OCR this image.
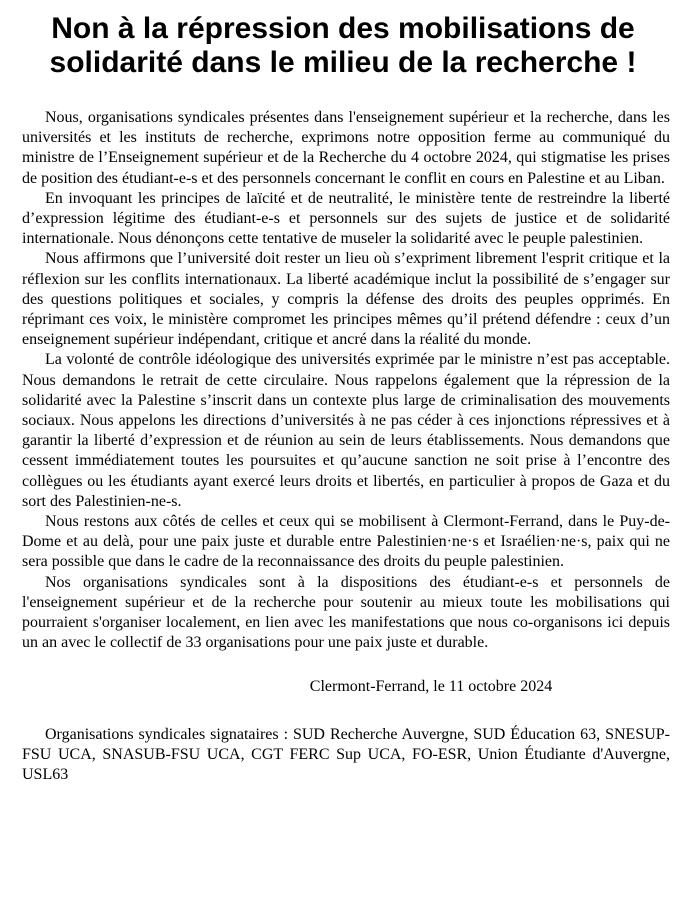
Non à la répression des mobilisations de solidarité dans le milieu de la recherche !

Nous, organisations syndicales présentes dans l'enseignement supérieur et la recherche, dans les universités et les instituts de recherche, exprimons notre opposition ferme au communiqué du ministre de l’Enseignement supérieur et de la Recherche du 4 octobre 2024, qui stigmatise les prises de position des étudiant-e-s et des personnels concernant le conflit en cours en Palestine et au Liban.

En invoquant les principes de laïcité et de neutralité, le ministère tente de restreindre la liberté d’expression légitime des étudiant-e-s et personnels sur des sujets de justice et de solidarité internationale. Nous dénonçons cette tentative de museler la solidarité avec le peuple palestinien.

Nous affirmons que l’université doit rester un lieu où s’expriment librement l'esprit critique et la réflexion sur les conflits internationaux. La liberté académique inclut la possibilité de s’engager sur des questions politiques et sociales, y compris la défense des droits des peuples opprimés. En réprimant ces voix, le ministère compromet les principes mêmes qu’il prétend défendre : ceux d’un enseignement supérieur indépendant, critique et ancré dans la réalité du monde.

La volonté de contrôle idéologique des universités exprimée par le ministre n’est pas acceptable. Nous demandons le retrait de cette circulaire. Nous rappelons également que la répression de la solidarité avec la Palestine s’inscrit dans un contexte plus large de criminalisation des mouvements sociaux. Nous appelons les directions d’universités à ne pas céder à ces injonctions répressives et à garantir la liberté d’expression et de réunion au sein de leurs établissements. Nous demandons que cessent immédiatement toutes les poursuites et qu’aucune sanction ne soit prise à l’encontre des collègues ou les étudiants ayant exercé leurs droits et libertés, en particulier à propos de Gaza et du sort des Palestinien-ne-s.

Nous restons aux côtés de celles et ceux qui se mobilisent à Clermont-Ferrand, dans le Puy-de-Dome et au delà, pour une paix juste et durable entre Palestinien·ne·s et Israélien·ne·s, paix qui ne sera possible que dans le cadre de la reconnaissance des droits du peuple palestinien.

Nos organisations syndicales sont à la dispositions des étudiant-e-s et personnels de l'enseignement supérieur et de la recherche pour soutenir au mieux toute les mobilisations qui pourraient s'organiser localement, en lien avec les manifestations que nous co-organisons ici depuis un an avec le collectif de 33 organisations pour une paix juste et durable.

Clermont-Ferrand, le 11 octobre 2024
Organisations syndicales signataires : SUD Recherche Auvergne, SUD Éducation 63, SNESUP-FSU UCA, SNASUB-FSU UCA, CGT FERC Sup UCA, FO-ESR, Union Étudiante d'Auvergne, USL63
